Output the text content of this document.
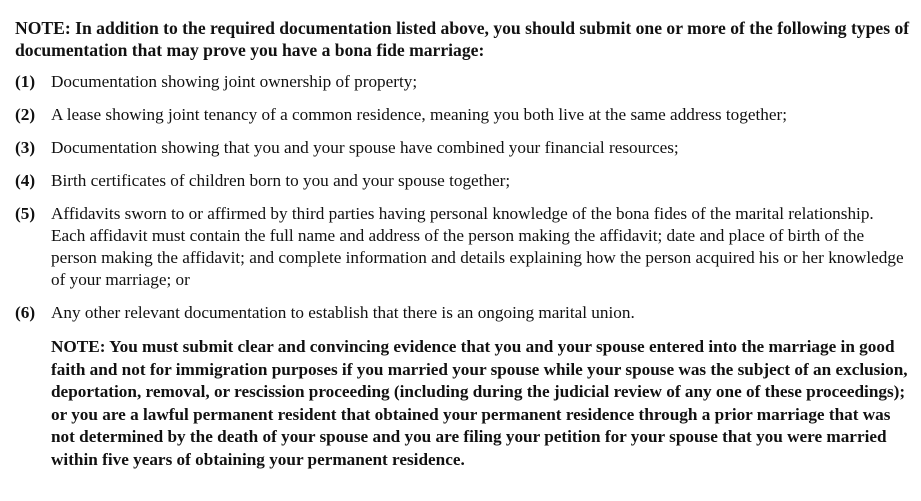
NOTE: In addition to the required documentation listed above, you should submit one or more of the following types of documentation that may prove you have a bona fide marriage:

(1) Documentation showing joint ownership of property;
(2) A lease showing joint tenancy of a common residence, meaning you both live at the same address together;
(3) Documentation showing that you and your spouse have combined your financial resources;
(4) Birth certificates of children born to you and your spouse together;
(5) Affidavits sworn to or affirmed by third parties having personal knowledge of the bona fides of the marital relationship. Each affidavit must contain the full name and address of the person making the affidavit; date and place of birth of the person making the affidavit; and complete information and details explaining how the person acquired his or her knowledge of your marriage; or
(6) Any other relevant documentation to establish that there is an ongoing marital union.

NOTE: You must submit clear and convincing evidence that you and your spouse entered into the marriage in good faith and not for immigration purposes if you married your spouse while your spouse was the subject of an exclusion, deportation, removal, or rescission proceeding (including during the judicial review of any one of these proceedings); or you are a lawful permanent resident that obtained your permanent residence through a prior marriage that was not determined by the death of your spouse and you are filing your petition for your spouse that you were married within five years of obtaining your permanent residence.
